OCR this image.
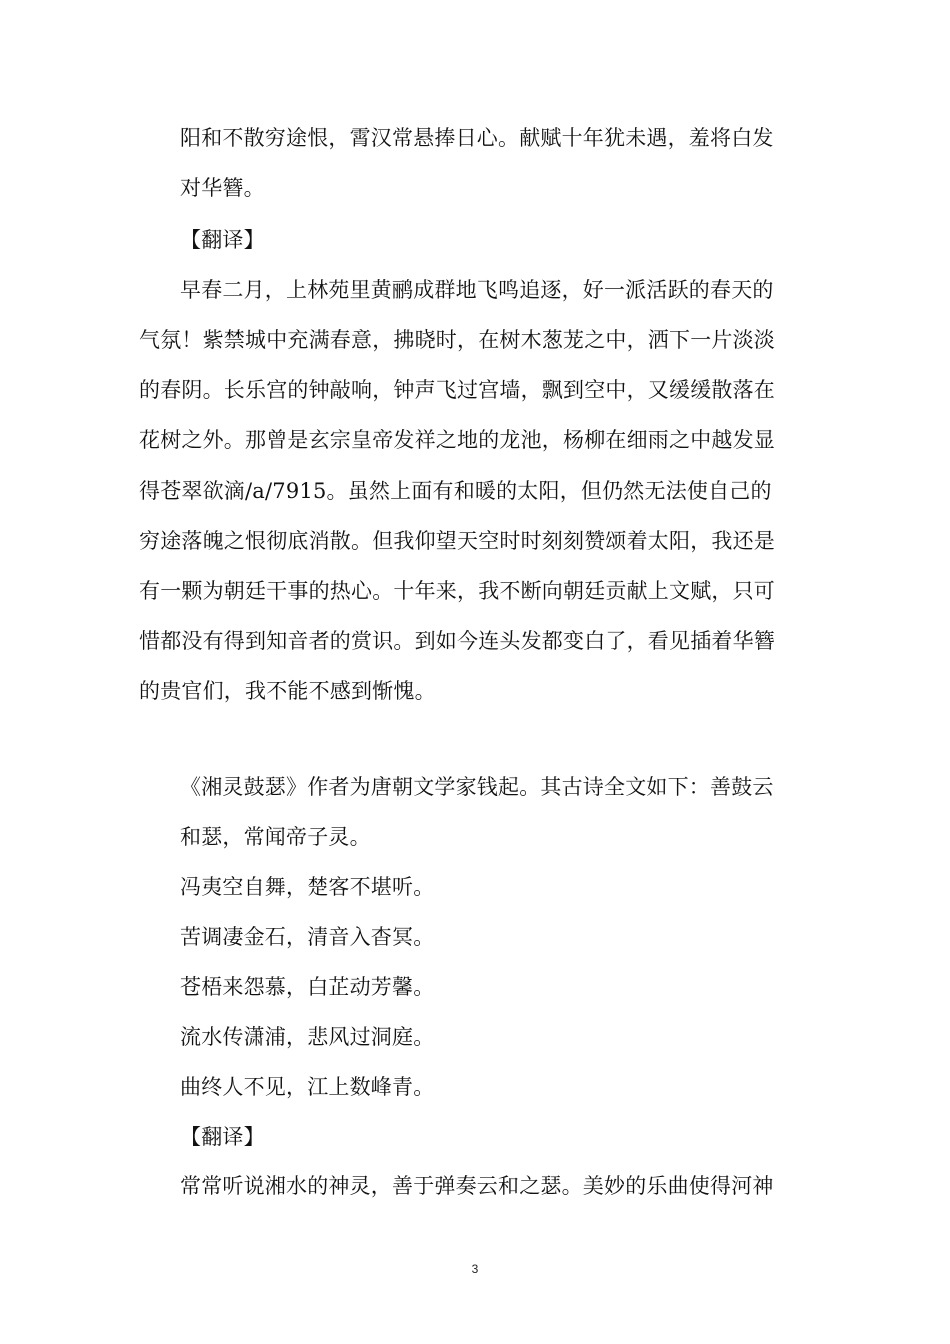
阳和不散穷途恨，霄汉常悬捧日心。献赋十年犹未遇，羞将白发
对华簪。
【翻译】
早春二月，上林苑里黄鹂成群地飞鸣追逐，好一派活跃的春天的
气氛！紫禁城中充满春意，拂晓时，在树木葱茏之中，洒下一片淡淡
的春阴。长乐宫的钟敲响，钟声飞过宫墙，飘到空中，又缓缓散落在
花树之外。那曾是玄宗皇帝发祥之地的龙池，杨柳在细雨之中越发显
得苍翠欲滴/a/7915。虽然上面有和暖的太阳，但仍然无法使自己的
穷途落魄之恨彻底消散。但我仰望天空时时刻刻赞颂着太阳，我还是
有一颗为朝廷干事的热心。十年来，我不断向朝廷贡献上文赋，只可
惜都没有得到知音者的赏识。到如今连头发都变白了，看见插着华簪
的贵官们，我不能不感到惭愧。
《湘灵鼓瑟》作者为唐朝文学家钱起。其古诗全文如下：善鼓云
和瑟，常闻帝子灵。
冯夷空自舞，楚客不堪听。
苦调凄金石，清音入杳冥。
苍梧来怨慕，白芷动芳馨。
流水传潇浦，悲风过洞庭。
曲终人不见，江上数峰青。
【翻译】
常常听说湘水的神灵，善于弹奏云和之瑟。美妙的乐曲使得河神
3
